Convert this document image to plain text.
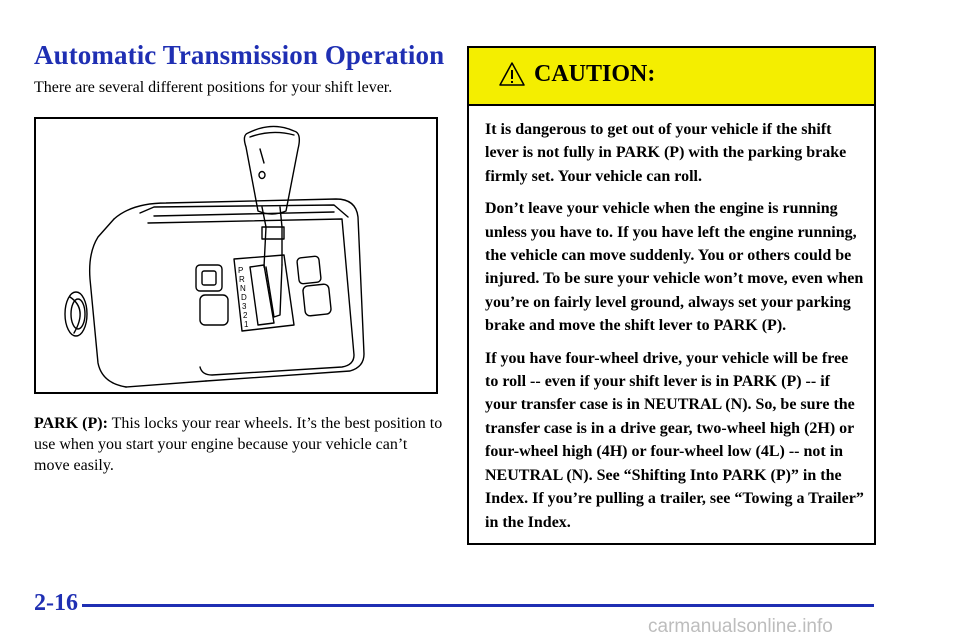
Automatic Transmission Operation

There are several different positions for your shift lever.

P
R
N
D
3
2
1

PARK (P): This locks your rear wheels. It’s the best position to use when you start your engine because your vehicle can’t move easily.

CAUTION:

It is dangerous to get out of your vehicle if the shift lever is not fully in PARK (P) with the parking brake firmly set. Your vehicle can roll.

Don’t leave your vehicle when the engine is running unless you have to. If you have left the engine running, the vehicle can move suddenly. You or others could be injured. To be sure your vehicle won’t move, even when you’re on fairly level ground, always set your parking brake and move the shift lever to PARK (P).

If you have four-wheel drive, your vehicle will be free to roll -- even if your shift lever is in PARK (P) -- if your transfer case is in NEUTRAL (N). So, be sure the transfer case is in a drive gear, two-wheel high (2H) or four-wheel high (4H) or four-wheel low (4L) -- not in NEUTRAL (N). See “Shifting Into PARK (P)” in the Index. If you’re pulling a trailer, see “Towing a Trailer” in the Index.

2-16
carmanualsonline.info
